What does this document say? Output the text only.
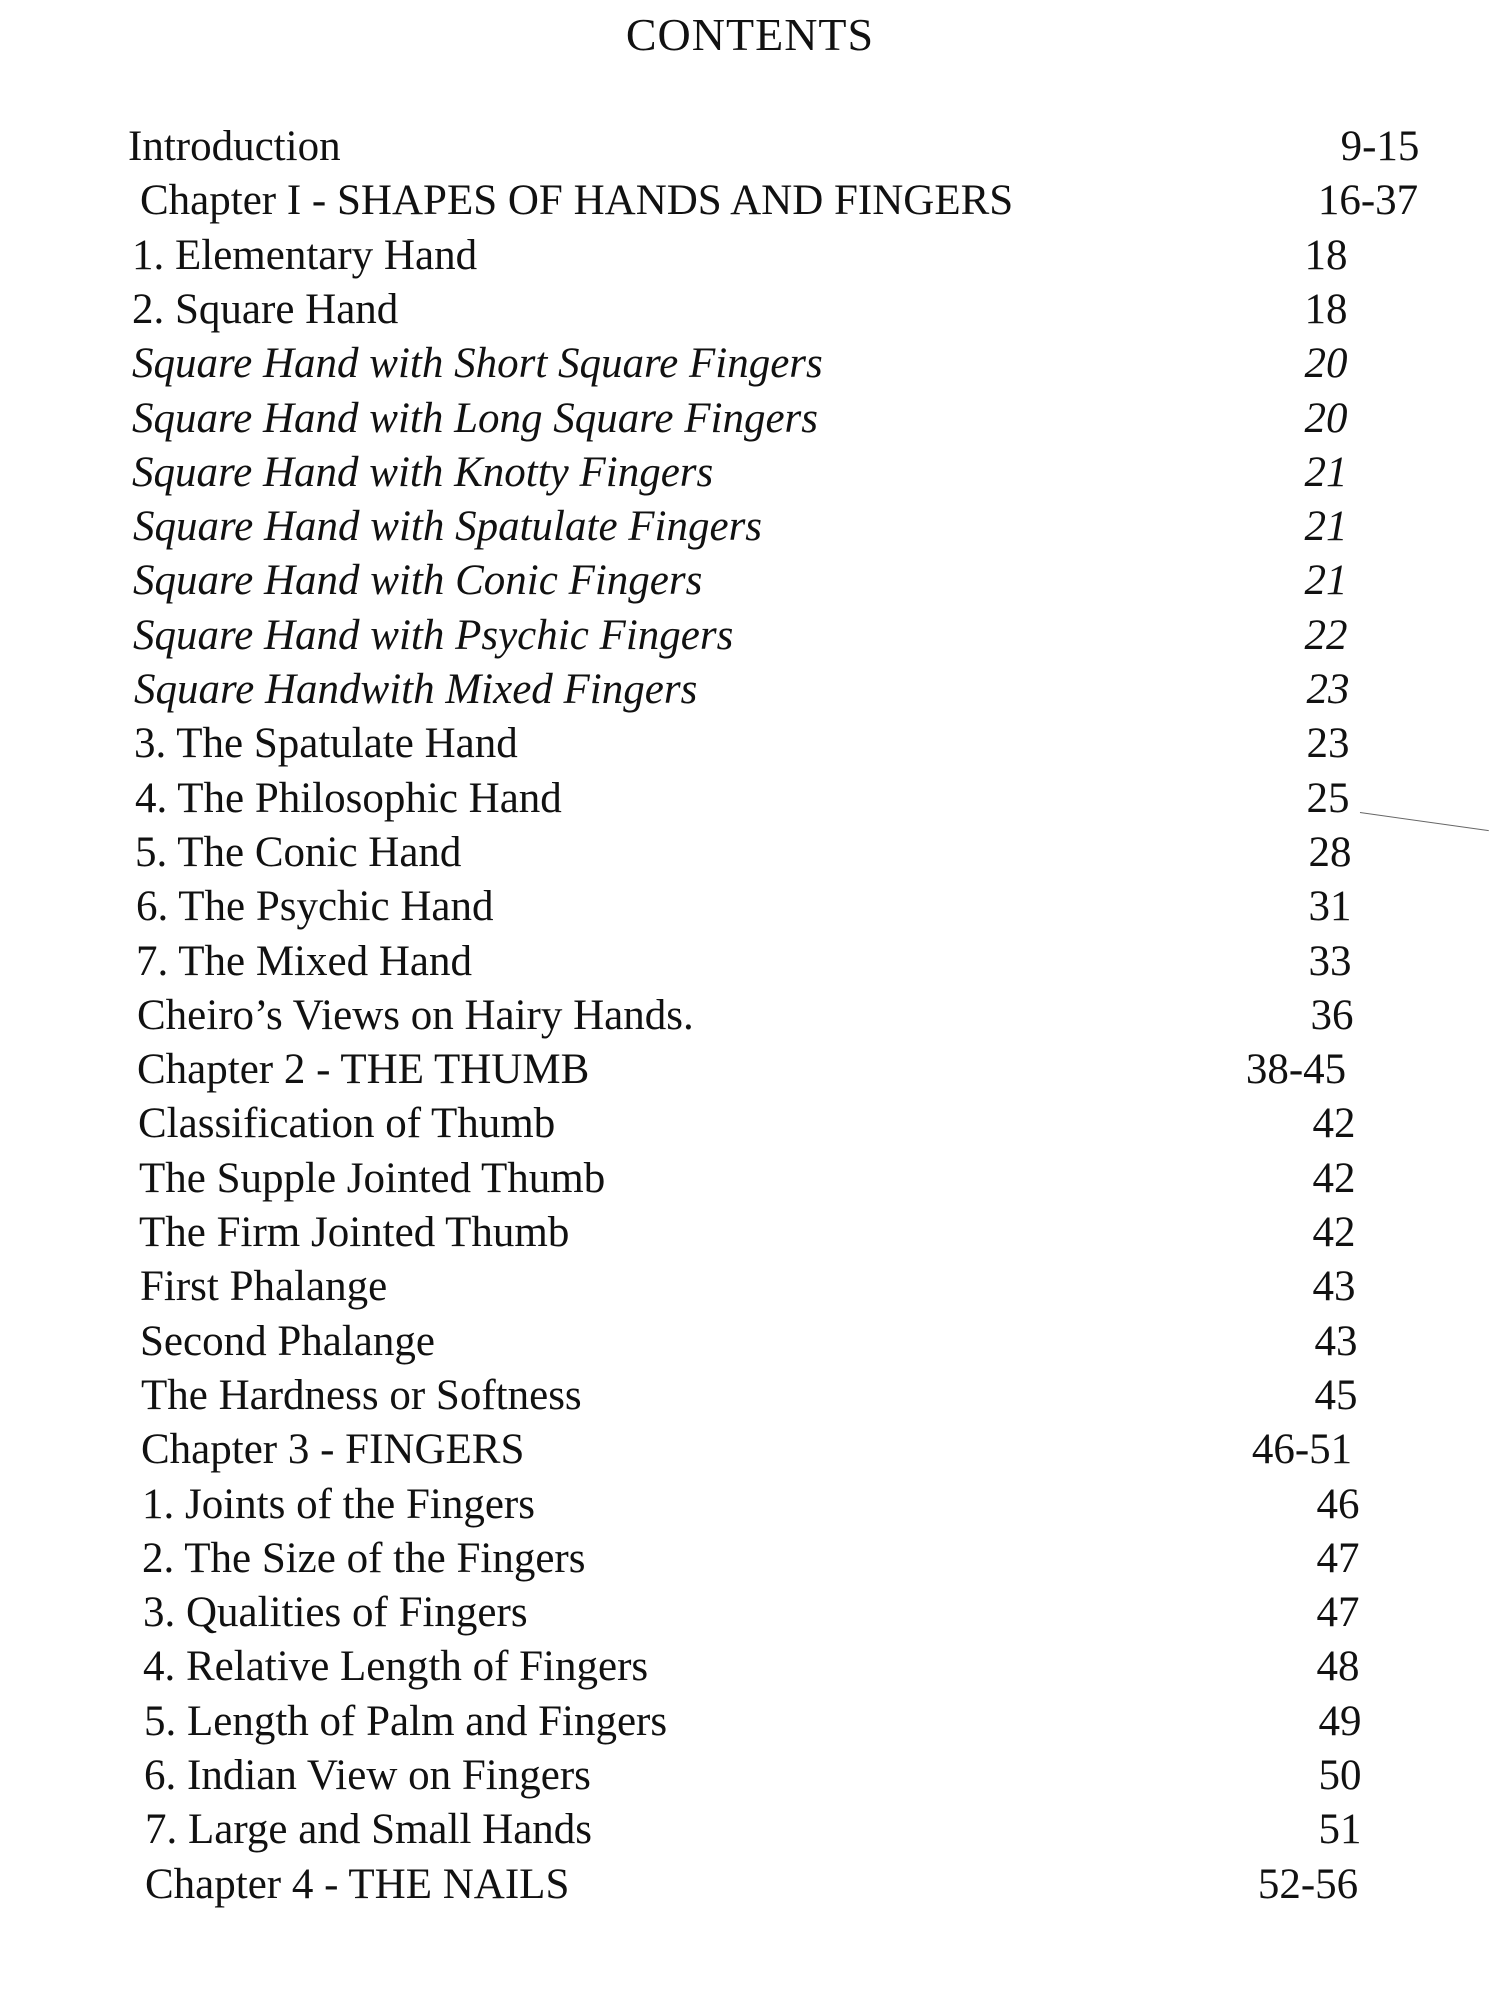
CONTENTS
Introduction	9-15
Chapter I - SHAPES OF HANDS AND FINGERS	16-37
1. Elementary Hand	18
2. Square Hand	18
Square Hand with Short Square Fingers	20
Square Hand with Long Square Fingers	20
Square Hand with Knotty Fingers	21
Square Hand with Spatulate Fingers	21
Square Hand with Conic Fingers	21
Square Hand with Psychic Fingers	22
Square Handwith Mixed Fingers	23
3. The Spatulate Hand	23
4. The Philosophic Hand	25
5. The Conic Hand	28
6. The Psychic Hand	31
7. The Mixed Hand	33
Cheiro’s Views on Hairy Hands.	36
Chapter 2 - THE THUMB	38-45
Classification of Thumb	42
The Supple Jointed Thumb	42
The Firm Jointed Thumb	42
First Phalange	43
Second Phalange	43
The Hardness or Softness	45
Chapter 3 - FINGERS	46-51
1. Joints of the Fingers	46
2. The Size of the Fingers	47
3. Qualities of Fingers	47
4. Relative Length of Fingers	48
5. Length of Palm and Fingers	49
6. Indian View on Fingers	50
7. Large and Small Hands	51
Chapter 4 - THE NAILS	52-56
